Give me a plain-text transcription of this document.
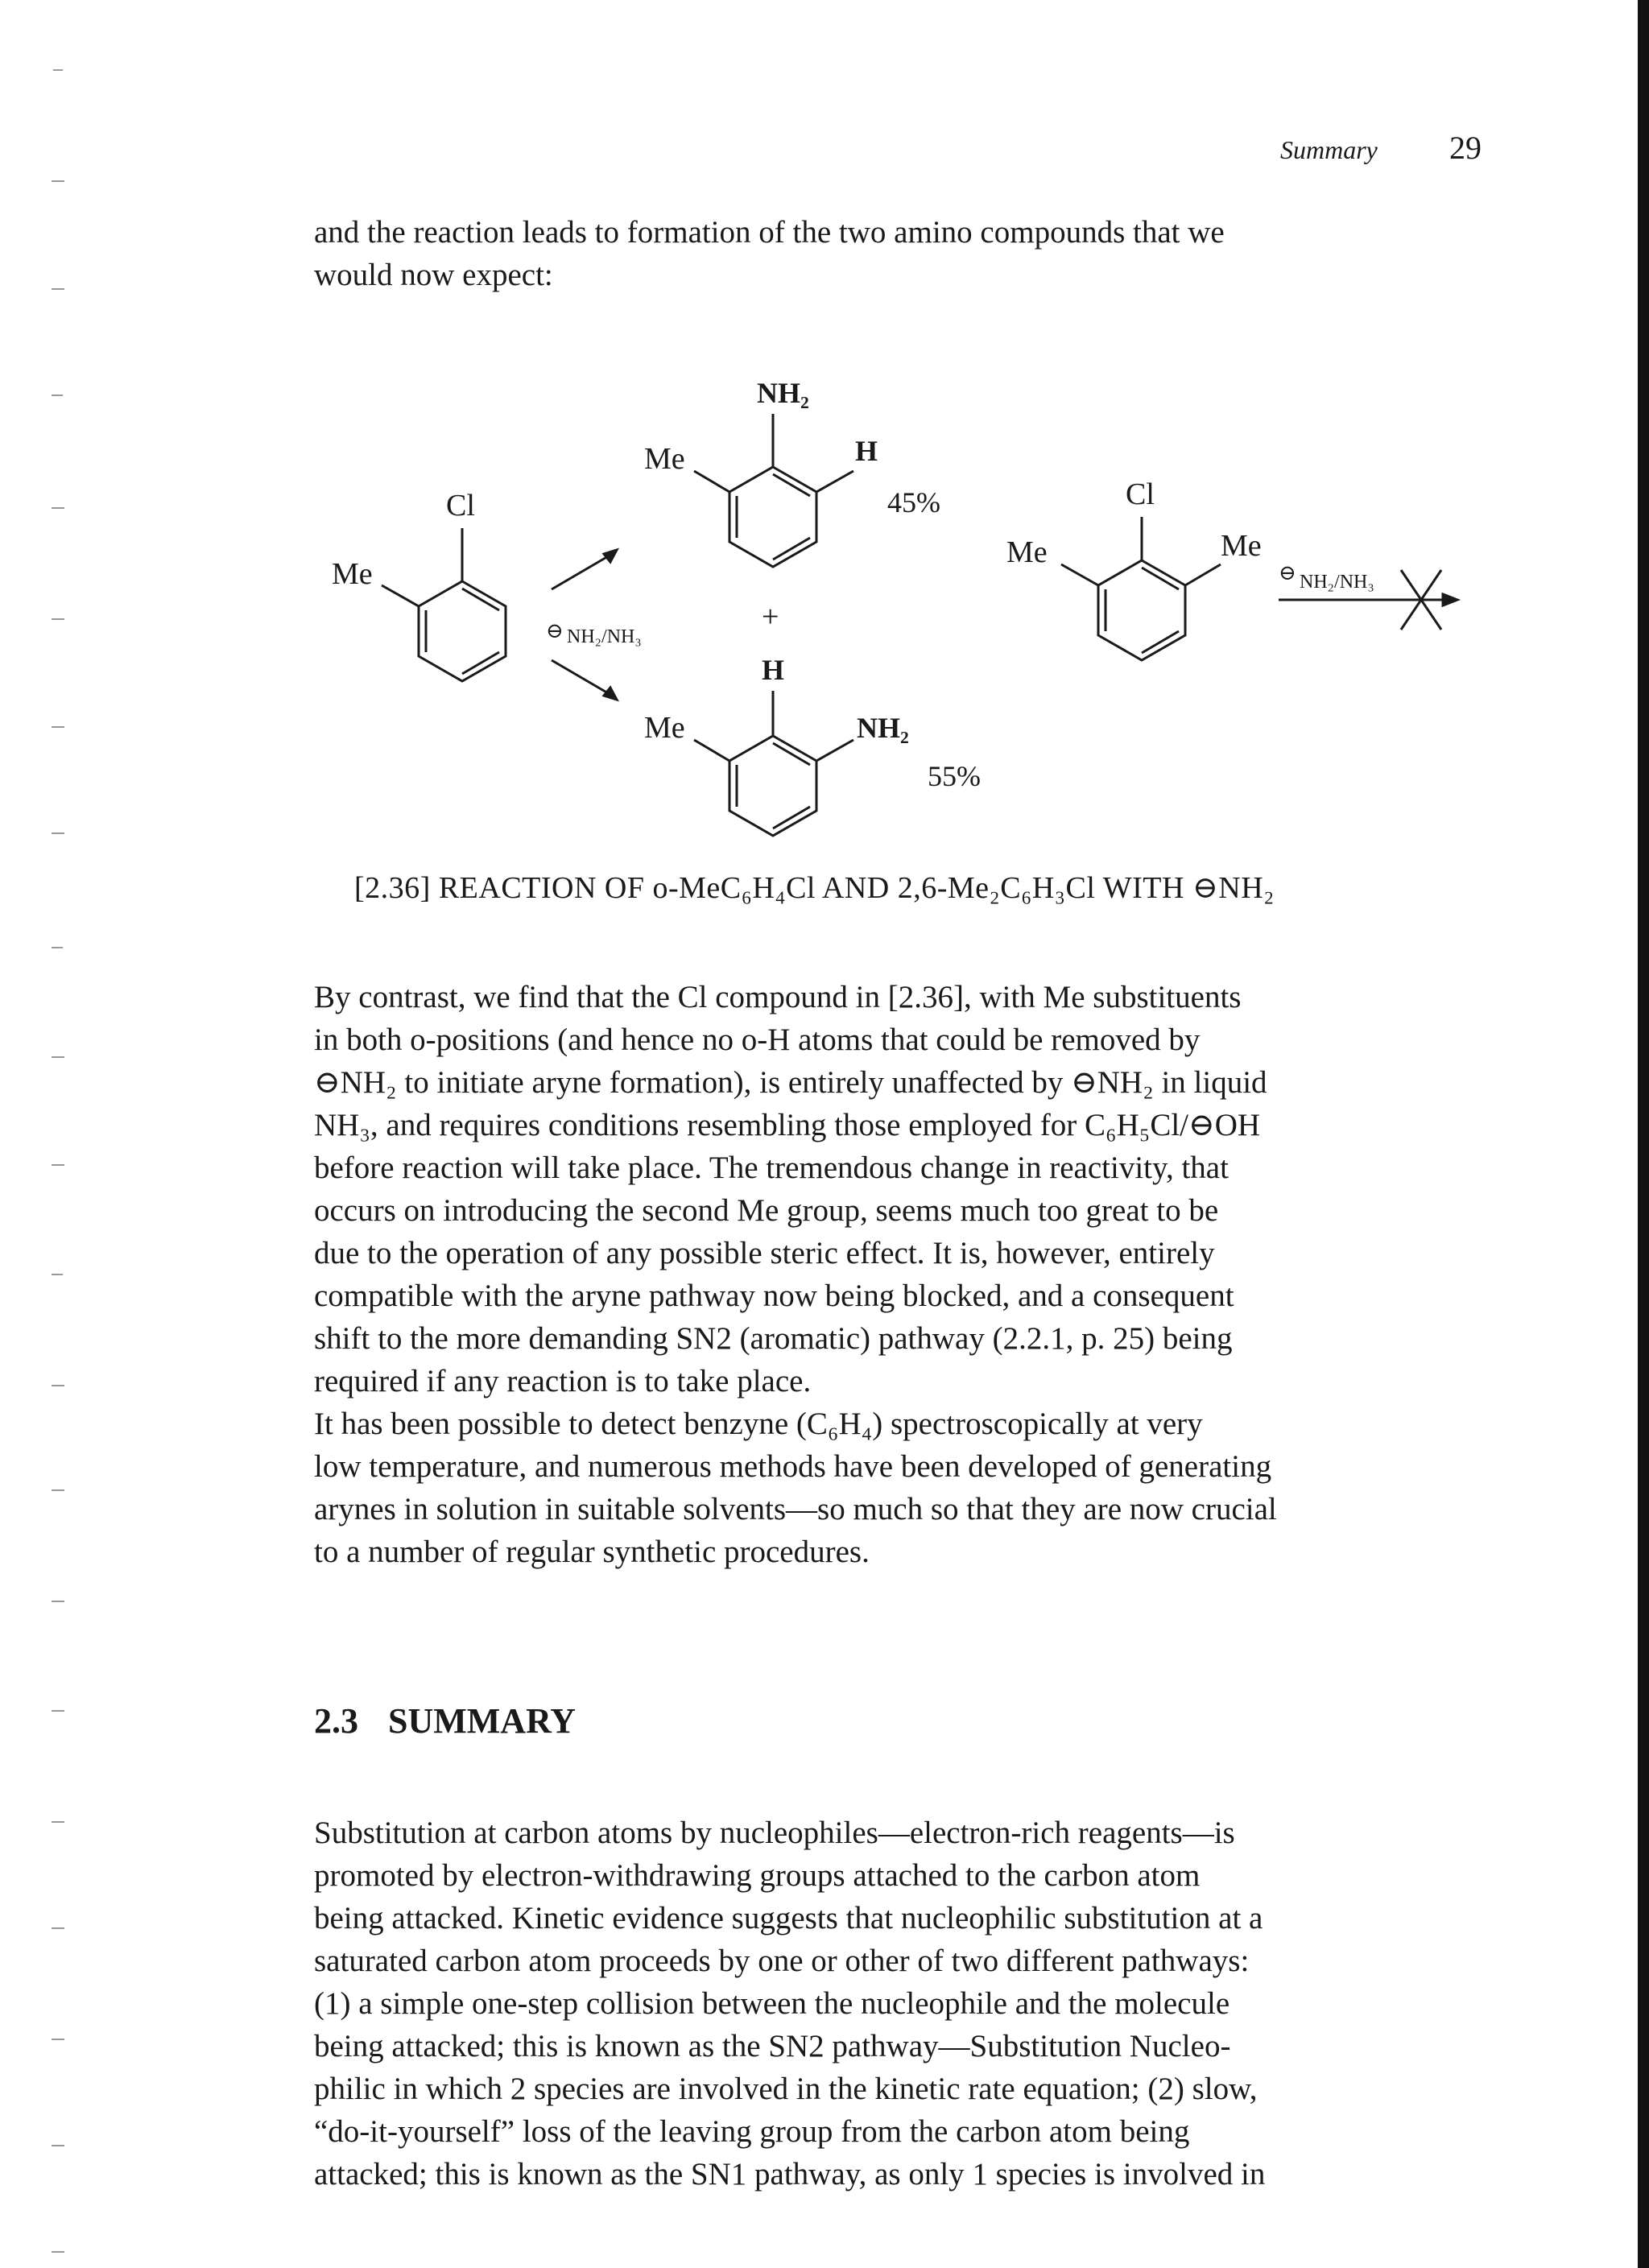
Summary 29

and the reaction leads to formation of the two amino compounds that we
would now expect:

Cl
Me
⊖ NH₂/NH₃
NH₂
Me	H
45%
+
H
Me	NH₂
55%
Cl
Me	Me
⊖ NH₂/NH₃
[2.36] REACTION OF o-MeC₆H₄Cl AND 2,6-Me₂C₆H₃Cl WITH ⊖NH₂

By contrast, we find that the Cl compound in [2.36], with Me substituents
in both o-positions (and hence no o-H atoms that could be removed by
⊖NH₂ to initiate aryne formation), is entirely unaffected by ⊖NH₂ in liquid
NH₃, and requires conditions resembling those employed for C₆H₅Cl/⊖OH
before reaction will take place. The tremendous change in reactivity, that
occurs on introducing the second Me group, seems much too great to be
due to the operation of any possible steric effect. It is, however, entirely
compatible with the aryne pathway now being blocked, and a consequent
shift to the more demanding SN2 (aromatic) pathway (2.2.1, p. 25) being
required if any reaction is to take place.

It has been possible to detect benzyne (C₆H₄) spectroscopically at very
low temperature, and numerous methods have been developed of generating
arynes in solution in suitable solvents—so much so that they are now crucial
to a number of regular synthetic procedures.

2.3 SUMMARY

Substitution at carbon atoms by nucleophiles—electron-rich reagents—is
promoted by electron-withdrawing groups attached to the carbon atom
being attacked. Kinetic evidence suggests that nucleophilic substitution at a
saturated carbon atom proceeds by one or other of two different pathways:
(1) a simple one-step collision between the nucleophile and the molecule
being attacked; this is known as the SN2 pathway—Substitution Nucleo-
philic in which 2 species are involved in the kinetic rate equation; (2) slow,
“do-it-yourself” loss of the leaving group from the carbon atom being
attacked; this is known as the SN1 pathway, as only 1 species is involved in
